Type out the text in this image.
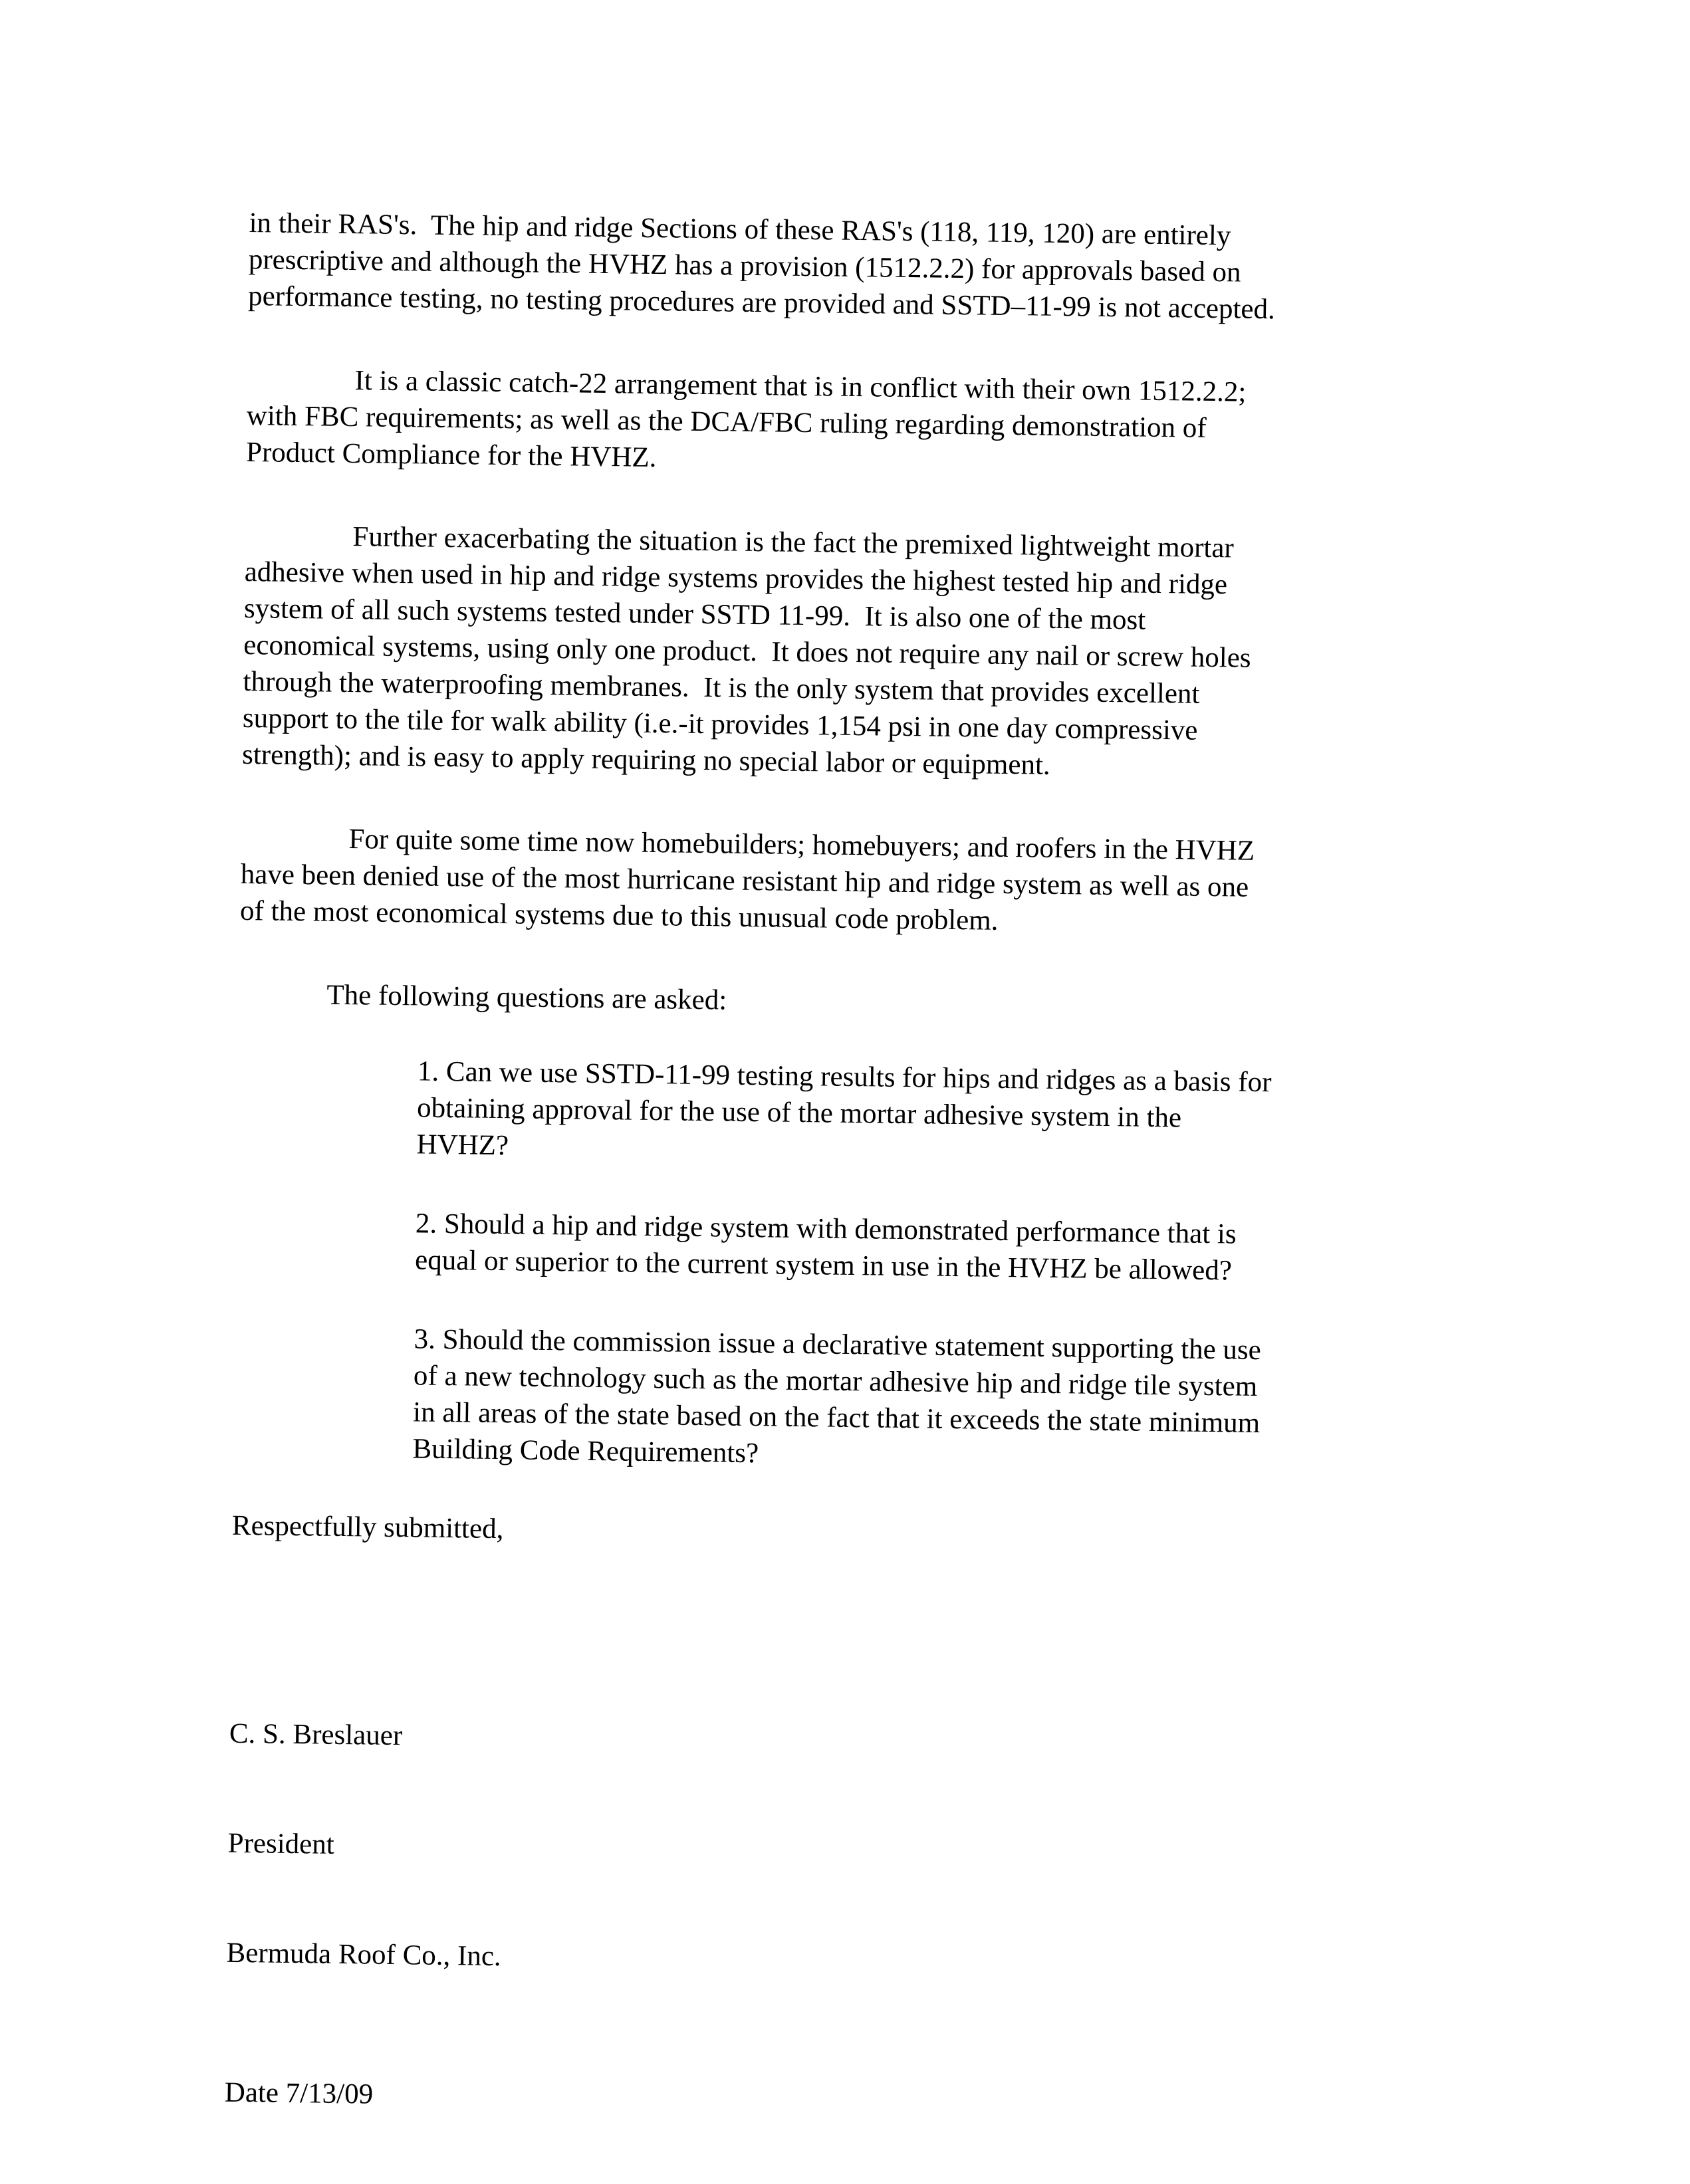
in their RAS's.  The hip and ridge Sections of these RAS's (118, 119, 120) are entirely
prescriptive and although the HVHZ has a provision (1512.2.2) for approvals based on
performance testing, no testing procedures are provided and SSTD–11-99 is not accepted.

It is a classic catch-22 arrangement that is in conflict with their own 1512.2.2;
with FBC requirements; as well as the DCA/FBC ruling regarding demonstration of
Product Compliance for the HVHZ.

Further exacerbating the situation is the fact the premixed lightweight mortar
adhesive when used in hip and ridge systems provides the highest tested hip and ridge
system of all such systems tested under SSTD 11-99.  It is also one of the most
economical systems, using only one product.  It does not require any nail or screw holes
through the waterproofing membranes.  It is the only system that provides excellent
support to the tile for walk ability (i.e.-it provides 1,154 psi in one day compressive
strength); and is easy to apply requiring no special labor or equipment.

For quite some time now homebuilders; homebuyers; and roofers in the HVHZ
have been denied use of the most hurricane resistant hip and ridge system as well as one
of the most economical systems due to this unusual code problem.

The following questions are asked:

1. Can we use SSTD-11-99 testing results for hips and ridges as a basis for
obtaining approval for the use of the mortar adhesive system in the
HVHZ?

2. Should a hip and ridge system with demonstrated performance that is
equal or superior to the current system in use in the HVHZ be allowed?

3. Should the commission issue a declarative statement supporting the use
of a new technology such as the mortar adhesive hip and ridge tile system
in all areas of the state based on the fact that it exceeds the state minimum
Building Code Requirements?

Respectfully submitted,

C. S. Breslauer

President

Bermuda Roof Co., Inc.

Date 7/13/09
